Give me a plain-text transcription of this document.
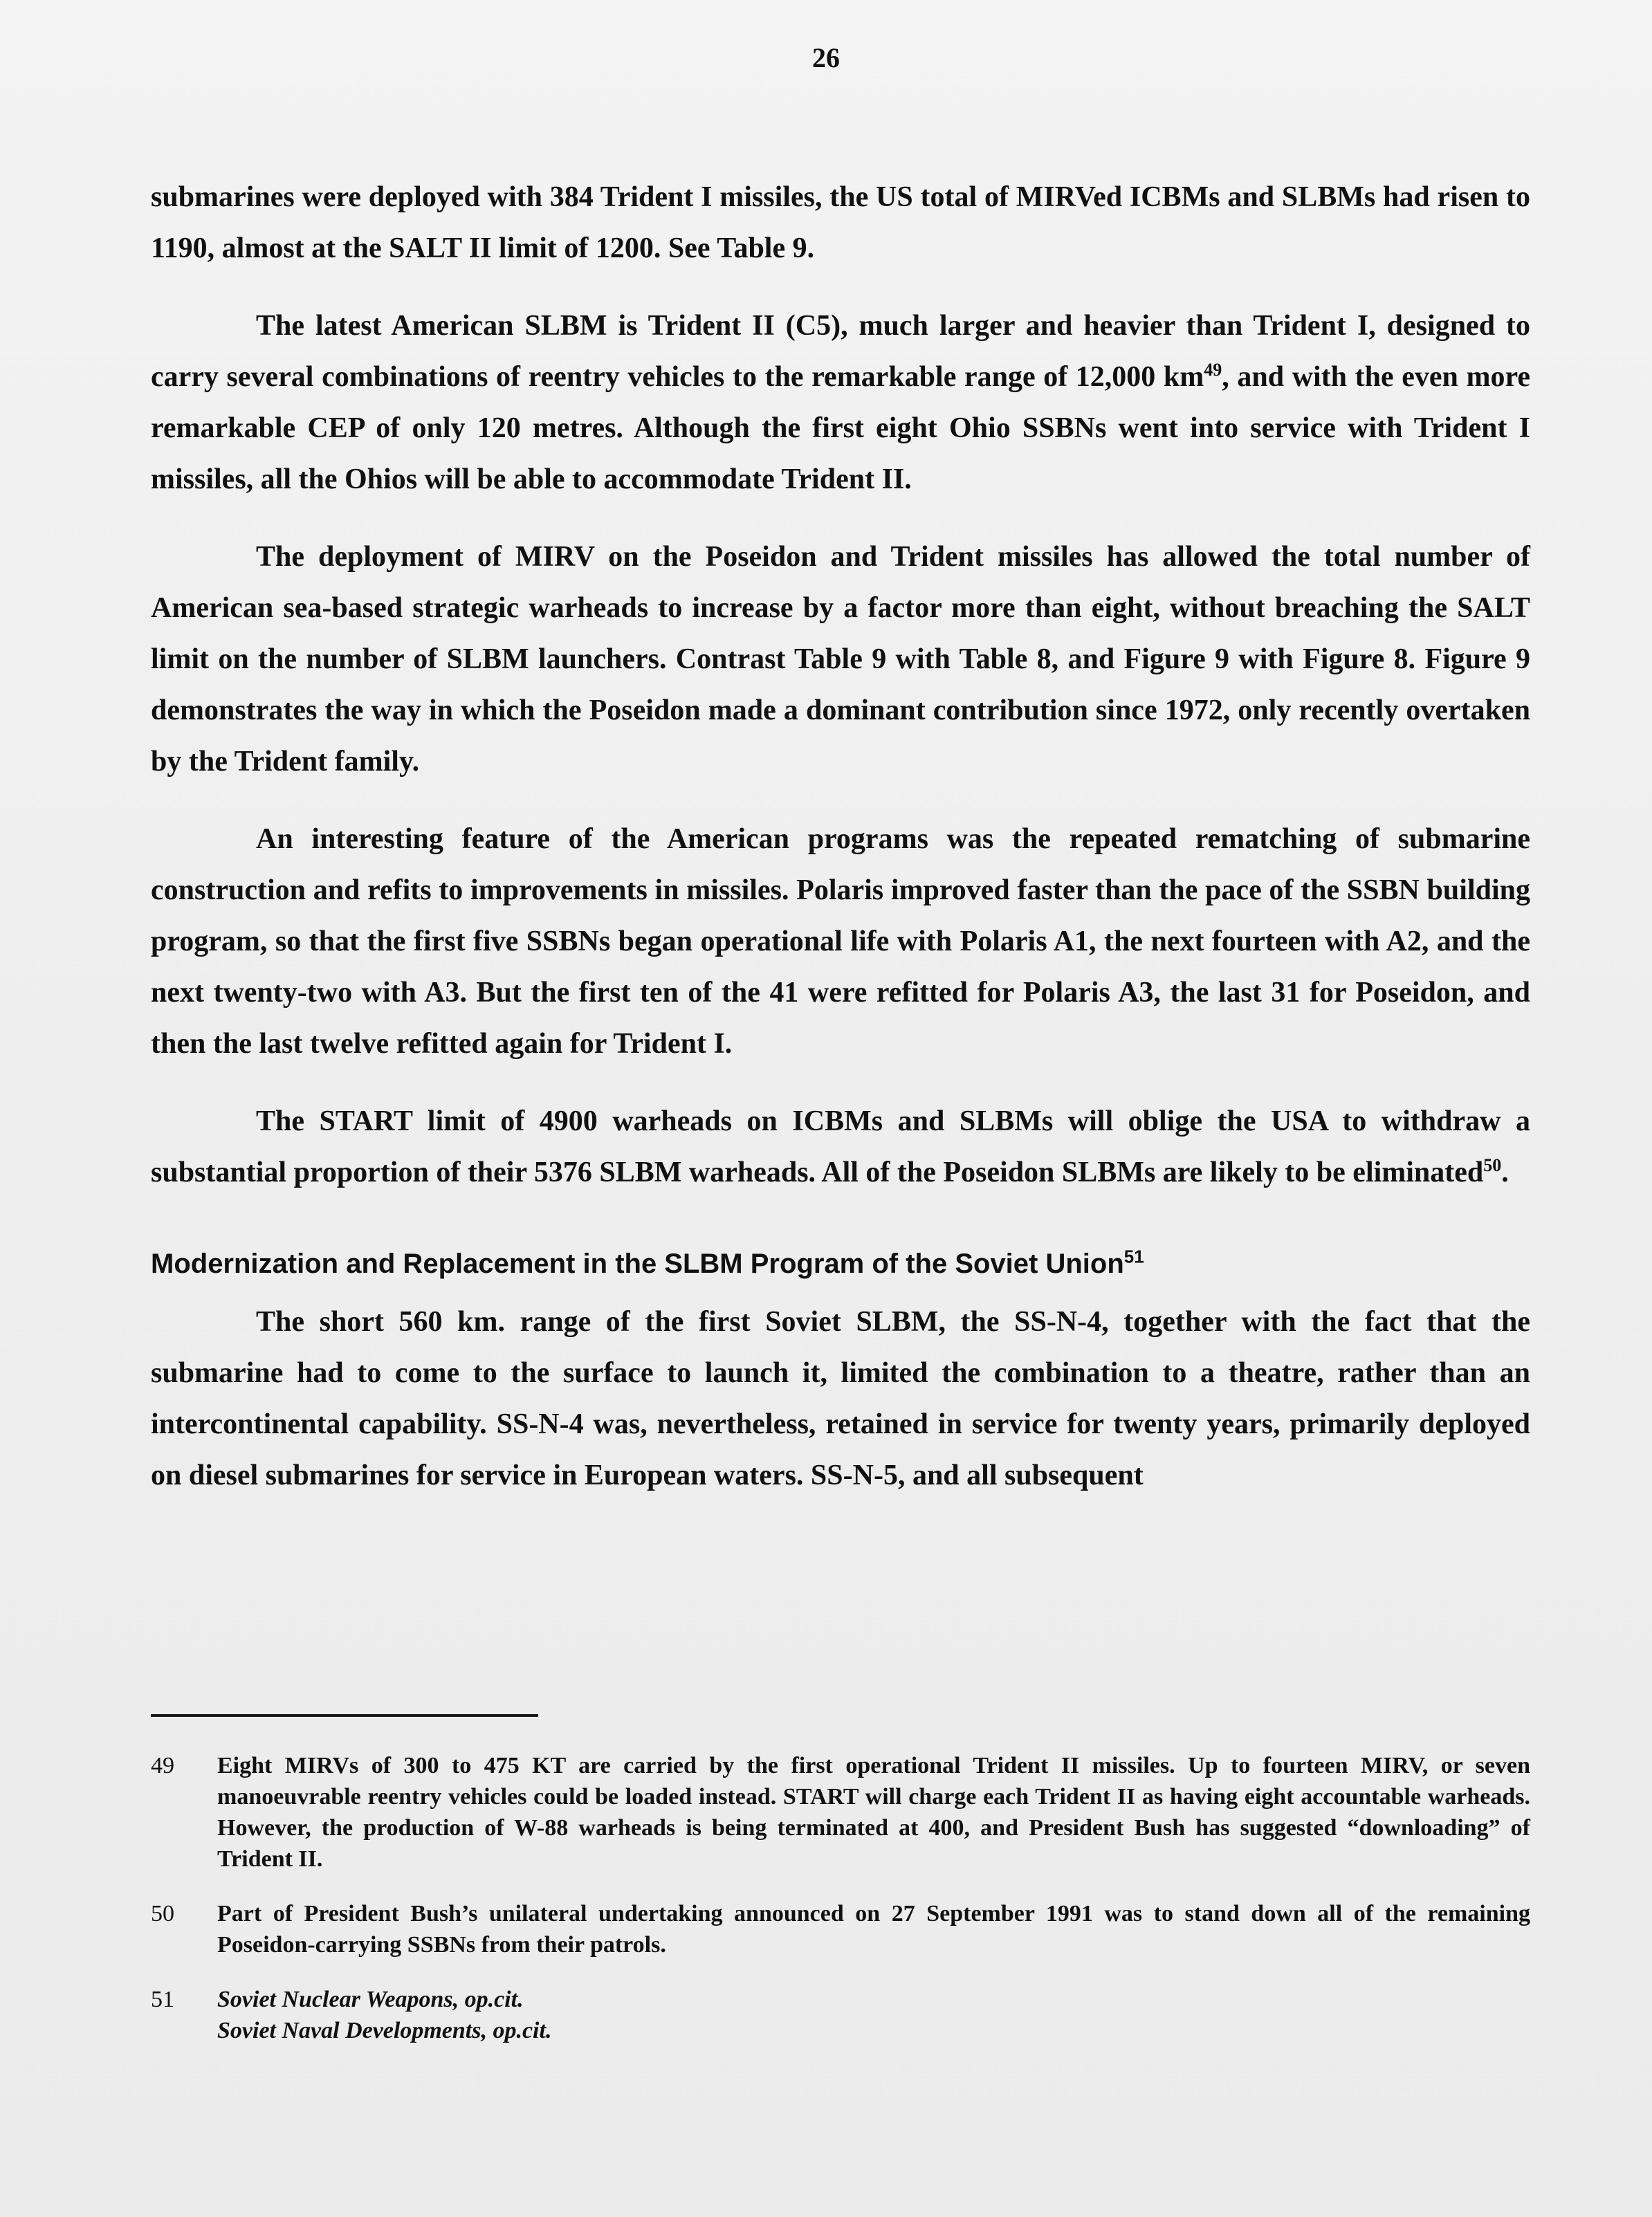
26

submarines were deployed with 384 Trident I missiles, the US total of MIRVed ICBMs and SLBMs had risen to 1190, almost at the SALT II limit of 1200. See Table 9.

The latest American SLBM is Trident II (C5), much larger and heavier than Trident I, designed to carry several combinations of reentry vehicles to the remarkable range of 12,000 $km^{49}$, and with the even more remarkable CEP of only 120 metres. Although the first eight Ohio SSBNs went into service with Trident I missiles, all the Ohios will be able to accommodate Trident II.

The deployment of MIRV on the Poseidon and Trident missiles has allowed the total number of American sea-based strategic warheads to increase by a factor more than eight, without breaching the SALT limit on the number of SLBM launchers. Contrast Table 9 with Table 8, and Figure 9 with Figure 8. Figure 9 demonstrates the way in which the Poseidon made a dominant contribution since 1972, only recently overtaken by the Trident family.

An interesting feature of the American programs was the repeated rematching of submarine construction and refits to improvements in missiles. Polaris improved faster than the pace of the SSBN building program, so that the first five SSBNs began operational life with Polaris A1, the next fourteen with A2, and the next twenty-two with A3. But the first ten of the 41 were refitted for Polaris A3, the last 31 for Poseidon, and then the last twelve refitted again for Trident I.

The START limit of 4900 warheads on ICBMs and SLBMs will oblige the USA to withdraw a substantial proportion of their 5376 SLBM warheads. All of the Poseidon SLBMs are likely to be eliminated$^{50}$.

Modernization and Replacement in the SLBM Program of the Soviet Union$^{51}$

The short 560 km. range of the first Soviet SLBM, the SS-N-4, together with the fact that the submarine had to come to the surface to launch it, limited the combination to a theatre, rather than an intercontinental capability. SS-N-4 was, nevertheless, retained in service for twenty years, primarily deployed on diesel submarines for service in European waters. SS-N-5, and all subsequent

49 Eight MIRVs of 300 to 475 KT are carried by the first operational Trident II missiles. Up to fourteen MIRV, or seven manoeuvrable reentry vehicles could be loaded instead. START will charge each Trident II as having eight accountable warheads. However, the production of W-88 warheads is being terminated at 400, and President Bush has suggested “downloading” of Trident II.
50 Part of President Bush’s unilateral undertaking announced on 27 September 1991 was to stand down all of the remaining Poseidon-carrying SSBNs from their patrols.
51 Soviet Nuclear Weapons, op.cit.
Soviet Naval Developments, op.cit.
